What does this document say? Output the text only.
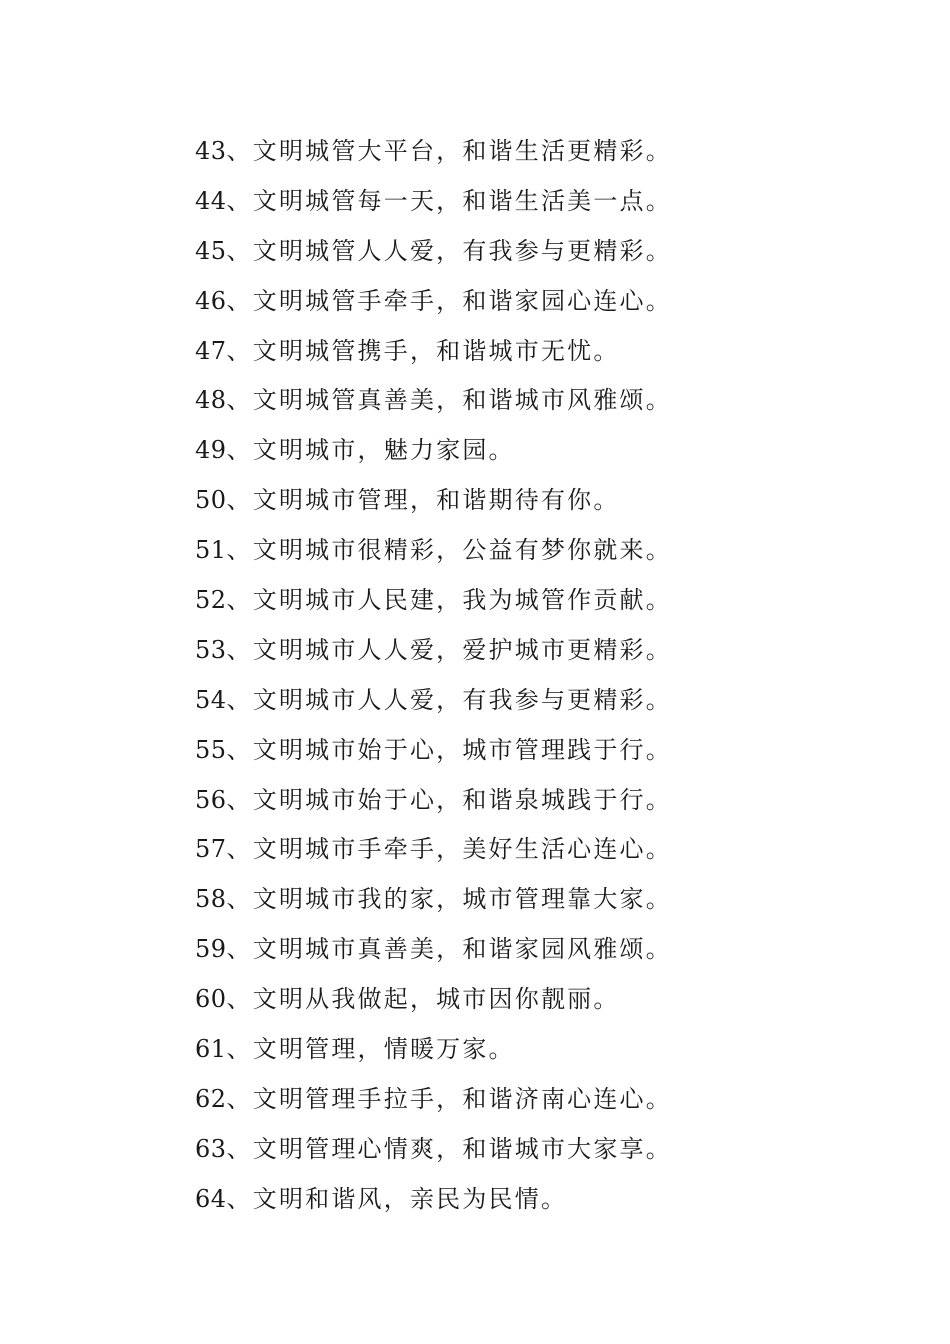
43、文明城管大平台，和谐生活更精彩。
44、文明城管每一天，和谐生活美一点。
45、文明城管人人爱，有我参与更精彩。
46、文明城管手牵手，和谐家园心连心。
47、文明城管携手，和谐城市无忧。
48、文明城管真善美，和谐城市风雅颂。
49、文明城市，魅力家园。
50、文明城市管理，和谐期待有你。
51、文明城市很精彩，公益有梦你就来。
52、文明城市人民建，我为城管作贡献。
53、文明城市人人爱，爱护城市更精彩。
54、文明城市人人爱，有我参与更精彩。
55、文明城市始于心，城市管理践于行。
56、文明城市始于心，和谐泉城践于行。
57、文明城市手牵手，美好生活心连心。
58、文明城市我的家，城市管理靠大家。
59、文明城市真善美，和谐家园风雅颂。
60、文明从我做起，城市因你靓丽。
61、文明管理，情暖万家。
62、文明管理手拉手，和谐济南心连心。
63、文明管理心情爽，和谐城市大家享。
64、文明和谐风，亲民为民情。
